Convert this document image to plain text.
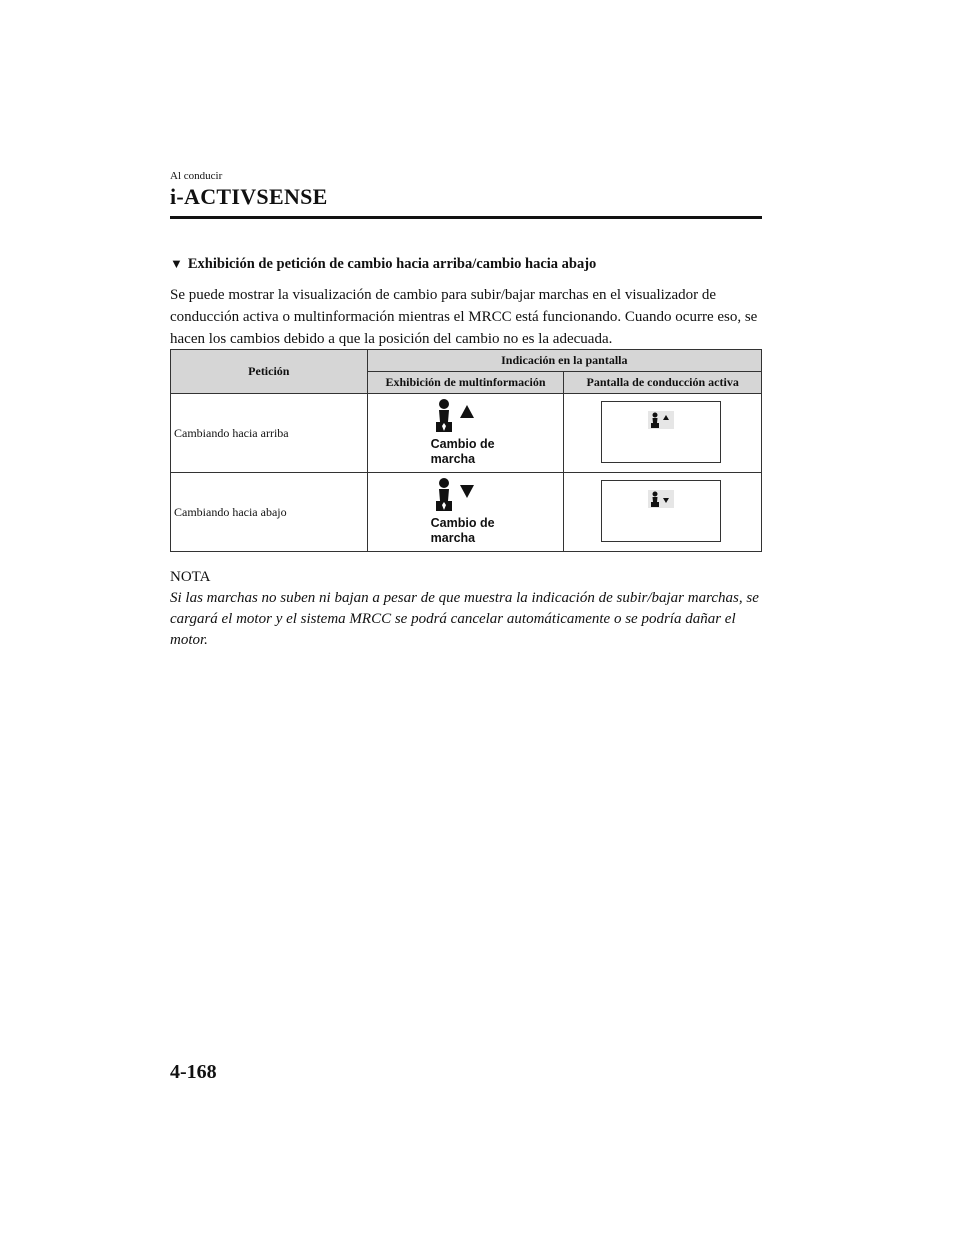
Al conducir
i-ACTIVSENSE
▼ Exhibición de petición de cambio hacia arriba/cambio hacia abajo

Se puede mostrar la visualización de cambio para subir/bajar marchas en el visualizador de conducción activa o multinformación mientras el MRCC está funcionando. Cuando ocurre eso, se hacen los cambios debido a que la posición del cambio no es la adecuada.

Petición	Indicación en la pantalla	
	Exhibición de multinformación	Pantalla de conducción activa
Cambiando hacia arriba	Cambio de
marcha

Cambiando hacia abajo	Cambio de
marcha

NOTA
Si las marchas no suben ni bajan a pesar de que muestra la indicación de subir/bajar marchas, se cargará el motor y el sistema MRCC se podrá cancelar automáticamente o se podría dañar el motor.
4-168
